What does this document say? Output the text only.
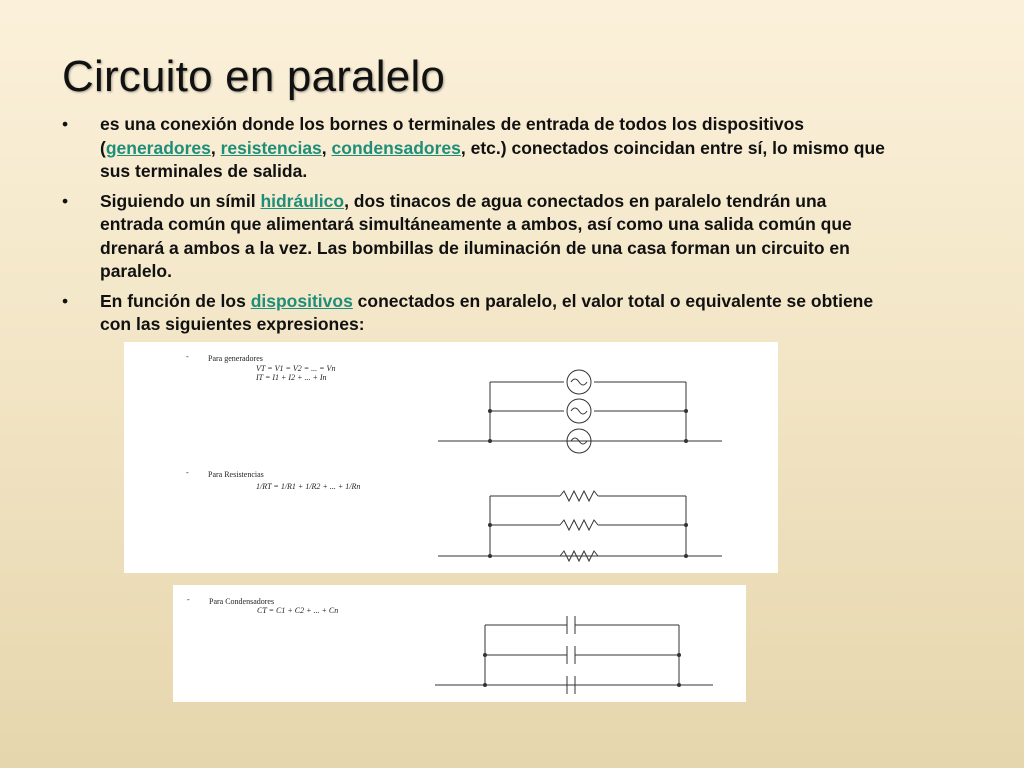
Circuito en paralelo
• es una conexión donde los bornes o terminales de entrada de todos los dispositivos (generadores, resistencias, condensadores, etc.) conectados coincidan entre sí, lo mismo que sus terminales de salida.
• Siguiendo un símil hidráulico, dos tinacos de agua conectados en paralelo tendrán una entrada común que alimentará simultáneamente a ambos, así como una salida común que drenará a ambos a la vez. Las bombillas de iluminación de una casa forman un circuito en paralelo.
• En función de los dispositivos conectados en paralelo, el valor total o equivalente se obtiene con las siguientes expresiones:
- Para generadores
VT = V1 = V2 = ... = Vn
IT = I1 + I2 + ... + In
- Para Resistencias
1/RT = 1/R1 + 1/R2 + ... + 1/Rn
- Para Condensadores
CT = C1 + C2 + ... + Cn
